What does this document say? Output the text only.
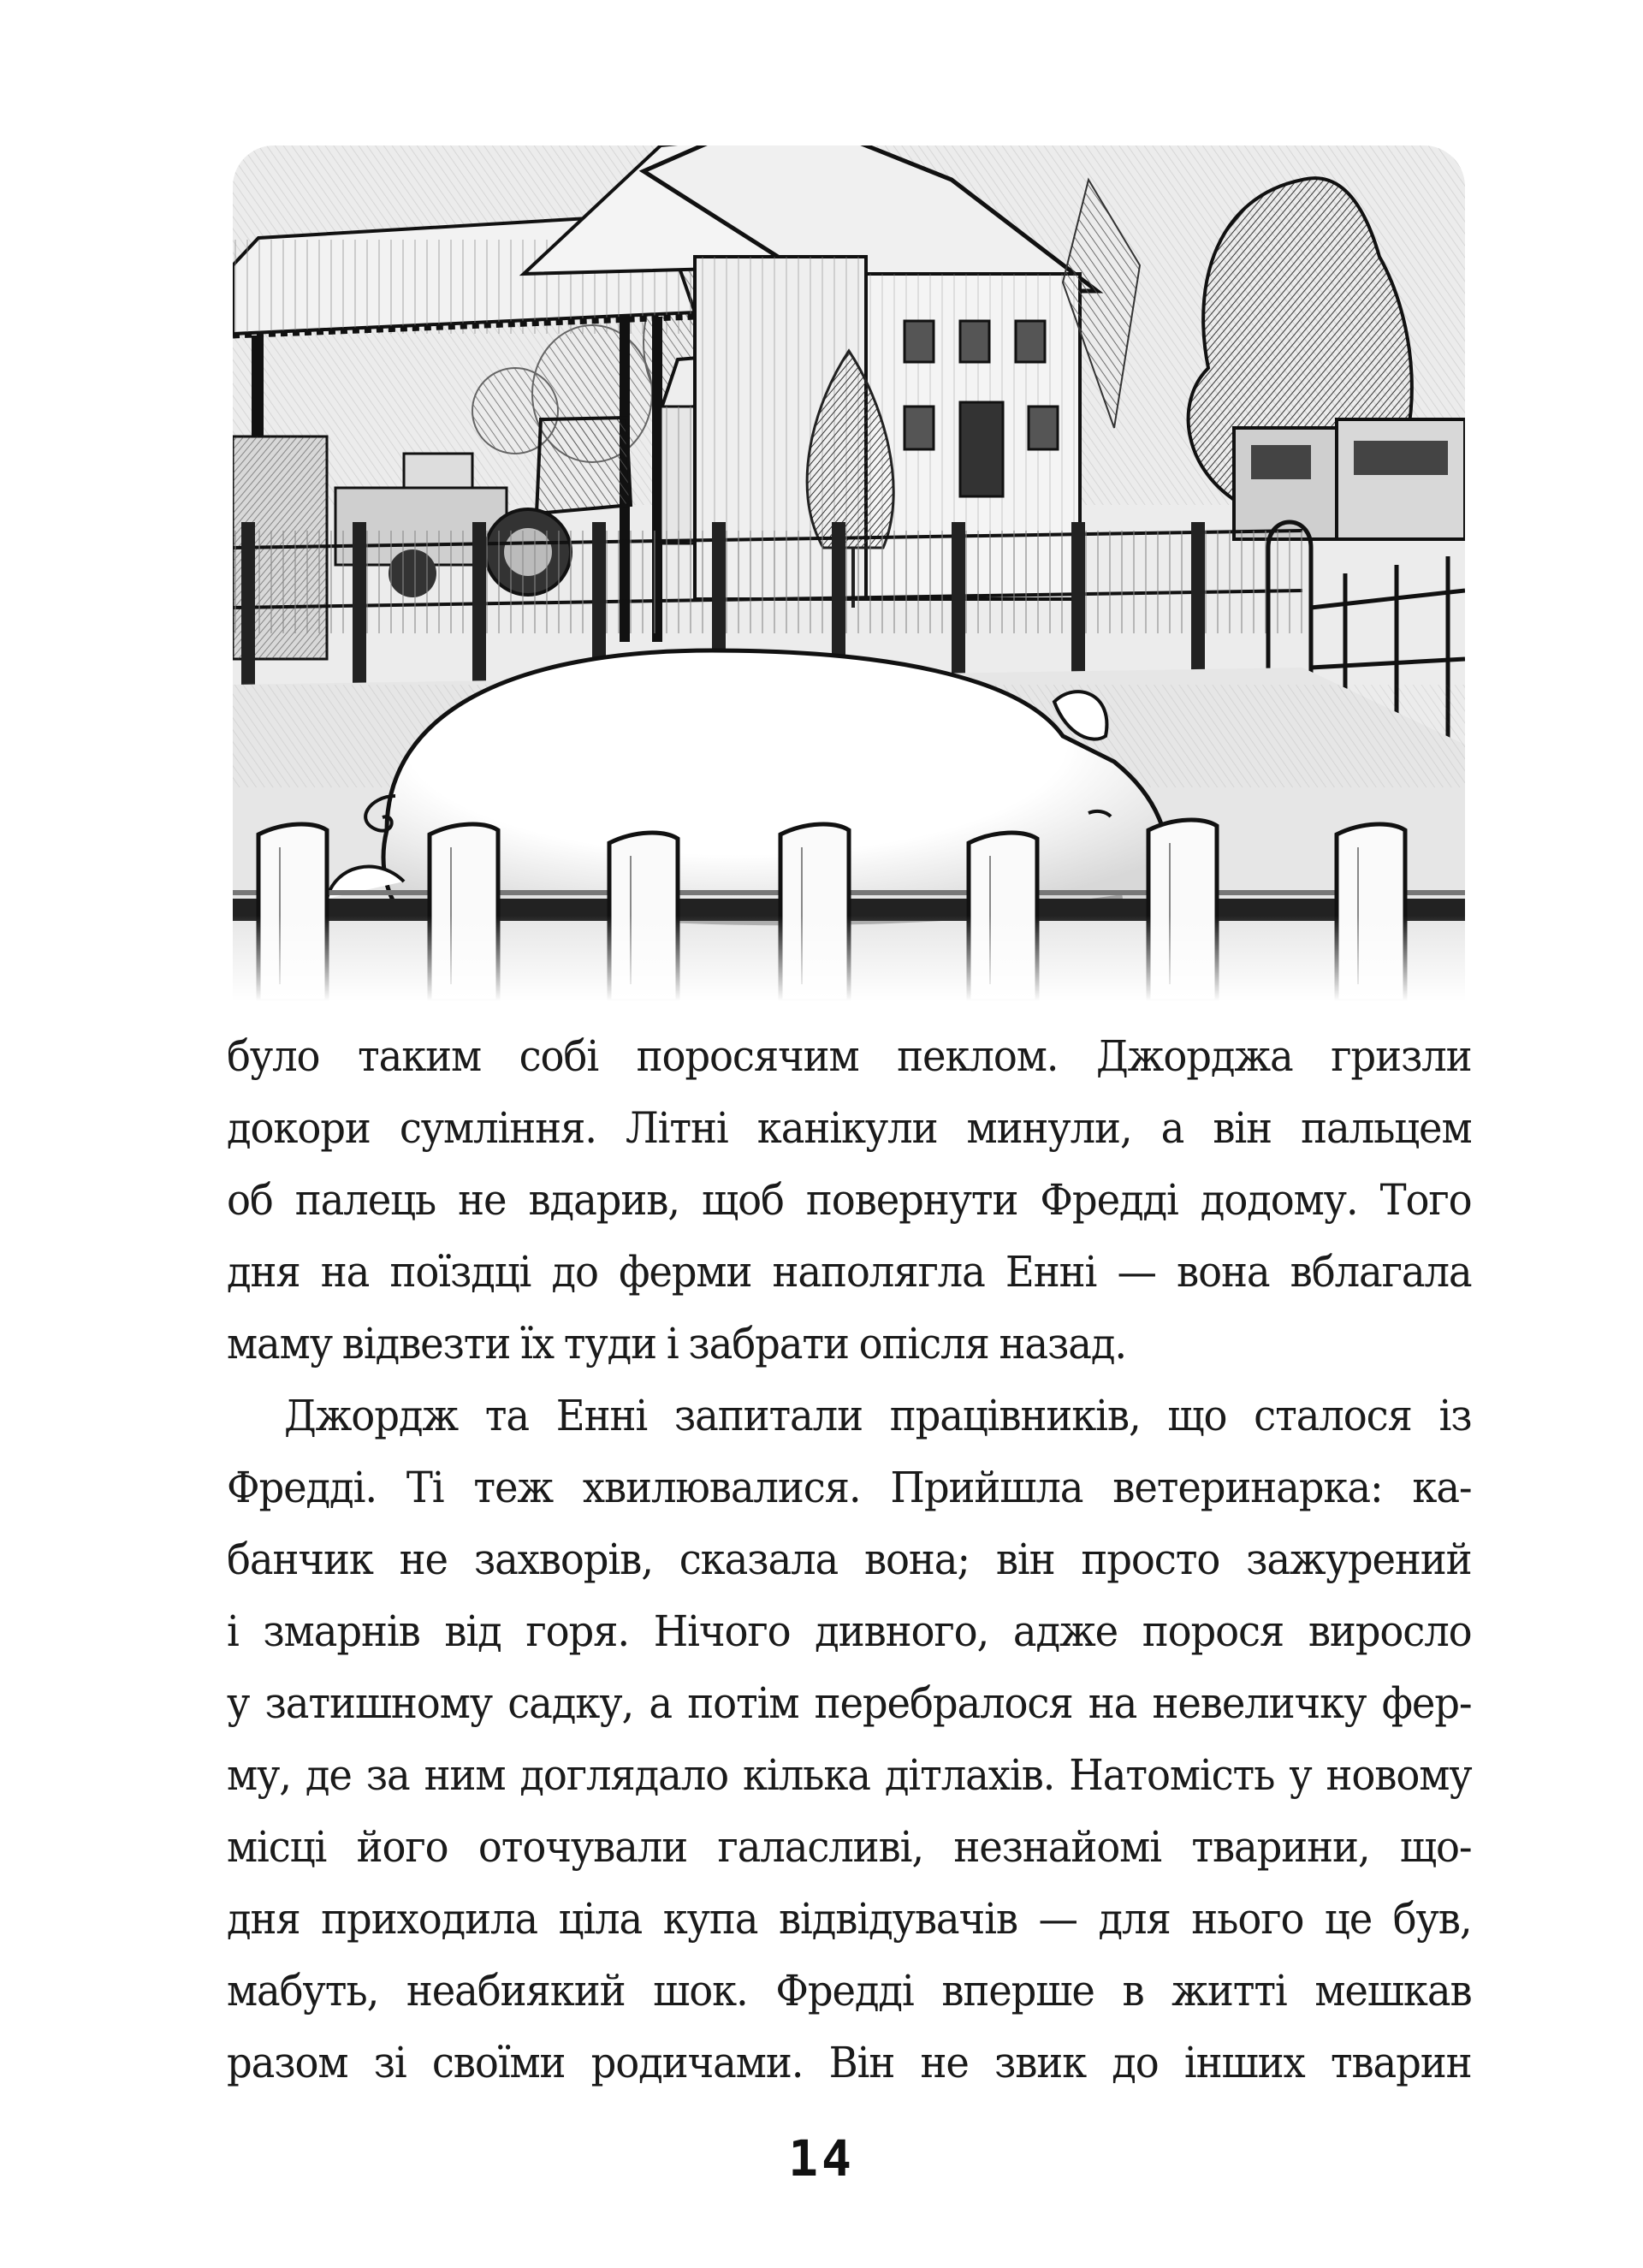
було таким собі поросячим пеклом. Джорджа гризли
докори сумління. Літні канікули минули, а він пальцем
об палець не вдарив, щоб повернути Фредді додому. Того
дня на поїздці до ферми наполягла Енні — вона вблагала
маму відвезти їх туди і забрати опісля назад.
Джордж та Енні запитали працівників, що сталося із
Фредді. Ті теж хвилювалися. Прийшла ветеринарка: ка-
банчик не захворів, сказала вона; він просто зажурений
і змарнів від горя. Нічого дивного, адже порося виросло
у затишному садку, а потім перебралося на невеличку фер-
му, де за ним доглядало кілька дітлахів. Натомість у новому
місці його оточували галасливі, незнайомі тварини, що-
дня приходила ціла купа відвідувачів — для нього це був,
мабуть, неабиякий шок. Фредді вперше в житті мешкав
разом зі своїми родичами. Він не звик до інших тварин
14
